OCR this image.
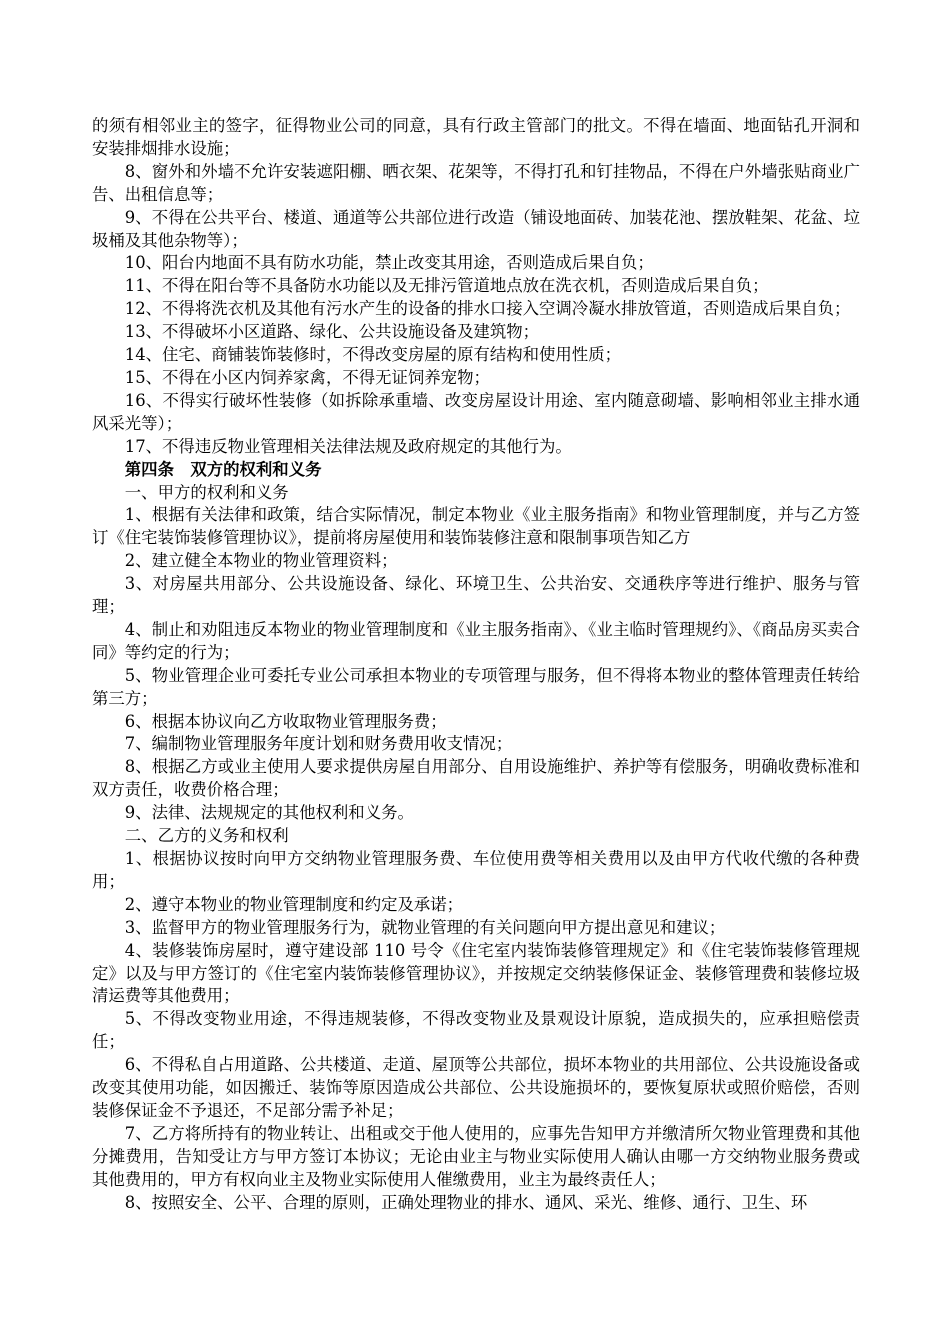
的须有相邻业主的签字，征得物业公司的同意，具有行政主管部门的批文。不得在墙面、地面钻孔开洞和安装排烟排水设施；

8、窗外和外墙不允许安装遮阳棚、晒衣架、花架等，不得打孔和钉挂物品，不得在户外墙张贴商业广告、出租信息等；

9、不得在公共平台、楼道、通道等公共部位进行改造（铺设地面砖、加装花池、摆放鞋架、花盆、垃圾桶及其他杂物等）；

10、阳台内地面不具有防水功能，禁止改变其用途，否则造成后果自负；

11、不得在阳台等不具备防水功能以及无排污管道地点放在洗衣机，否则造成后果自负；

12、不得将洗衣机及其他有污水产生的设备的排水口接入空调冷凝水排放管道，否则造成后果自负；

13、不得破坏小区道路、绿化、公共设施设备及建筑物；

14、住宅、商铺装饰装修时，不得改变房屋的原有结构和使用性质；

15、不得在小区内饲养家禽，不得无证饲养宠物；

16、不得实行破坏性装修（如拆除承重墙、改变房屋设计用途、室内随意砌墙、影响相邻业主排水通风采光等）；

17、不得违反物业管理相关法律法规及政府规定的其他行为。

第四条　双方的权利和义务

一、甲方的权利和义务

1、根据有关法律和政策，结合实际情况，制定本物业《业主服务指南》和物业管理制度，并与乙方签订《住宅装饰装修管理协议》，提前将房屋使用和装饰装修注意和限制事项告知乙方

2、建立健全本物业的物业管理资料；

3、对房屋共用部分、公共设施设备、绿化、环境卫生、公共治安、交通秩序等进行维护、服务与管理；

4、制止和劝阻违反本物业的物业管理制度和《业主服务指南》、《业主临时管理规约》、《商品房买卖合同》等约定的行为；

5、物业管理企业可委托专业公司承担本物业的专项管理与服务，但不得将本物业的整体管理责任转给第三方；

6、根据本协议向乙方收取物业管理服务费；

7、编制物业管理服务年度计划和财务费用收支情况；

8、根据乙方或业主使用人要求提供房屋自用部分、自用设施维护、养护等有偿服务，明确收费标准和双方责任，收费价格合理；

9、法律、法规规定的其他权利和义务。

二、乙方的义务和权利

1、根据协议按时向甲方交纳物业管理服务费、车位使用费等相关费用以及由甲方代收代缴的各种费用；

2、遵守本物业的物业管理制度和约定及承诺；

3、监督甲方的物业管理服务行为，就物业管理的有关问题向甲方提出意见和建议；

4、装修装饰房屋时，遵守建设部 110 号令《住宅室内装饰装修管理规定》和《住宅装饰装修管理规定》以及与甲方签订的《住宅室内装饰装修管理协议》，并按规定交纳装修保证金、装修管理费和装修垃圾清运费等其他费用；

5、不得改变物业用途，不得违规装修，不得改变物业及景观设计原貌，造成损失的，应承担赔偿责任；

6、不得私自占用道路、公共楼道、走道、屋顶等公共部位，损坏本物业的共用部位、公共设施设备或改变其使用功能，如因搬迁、装饰等原因造成公共部位、公共设施损坏的，要恢复原状或照价赔偿，否则装修保证金不予退还，不足部分需予补足；

7、乙方将所持有的物业转让、出租或交于他人使用的，应事先告知甲方并缴清所欠物业管理费和其他分摊费用，告知受让方与甲方签订本协议；无论由业主与物业实际使用人确认由哪一方交纳物业服务费或其他费用的，甲方有权向业主及物业实际使用人催缴费用，业主为最终责任人；

8、按照安全、公平、合理的原则，正确处理物业的排水、通风、采光、维修、通行、卫生、环
